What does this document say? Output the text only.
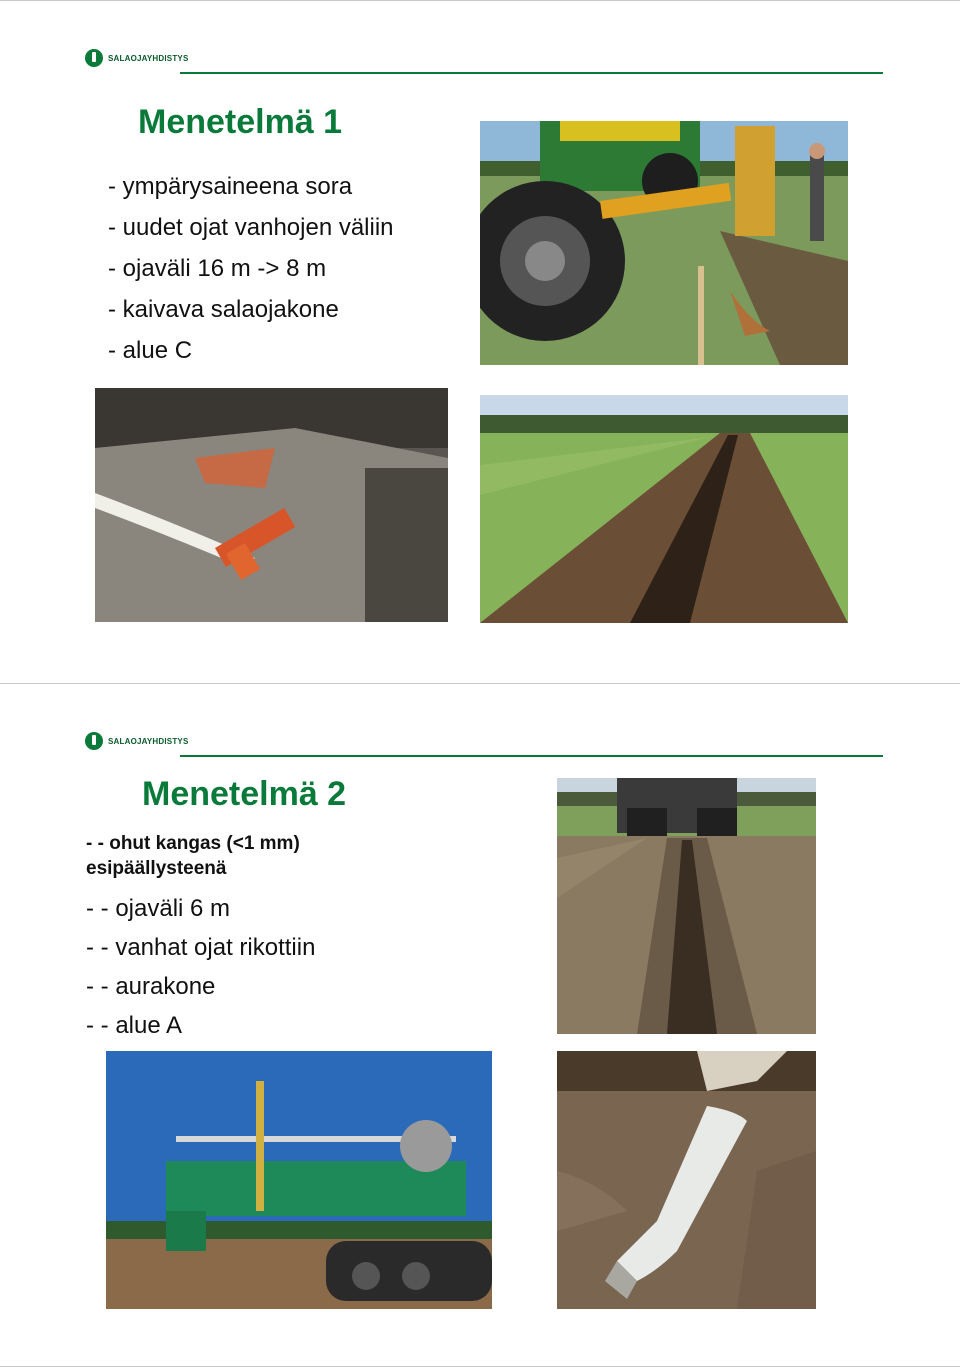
SALAOJAYHDISTYS
Menetelmä 1
- ympärysaineena sora
- uudet ojat vanhojen väliin
- ojaväli 16 m -> 8 m
- kaivava salaojakone
- alue C
SALAOJAYHDISTYS
Menetelmä 2
- - ohut kangas (<1 mm)
esipäällysteenä
- - ojaväli 6 m
- - vanhat ojat rikottiin
- - aurakone
- - alue A
